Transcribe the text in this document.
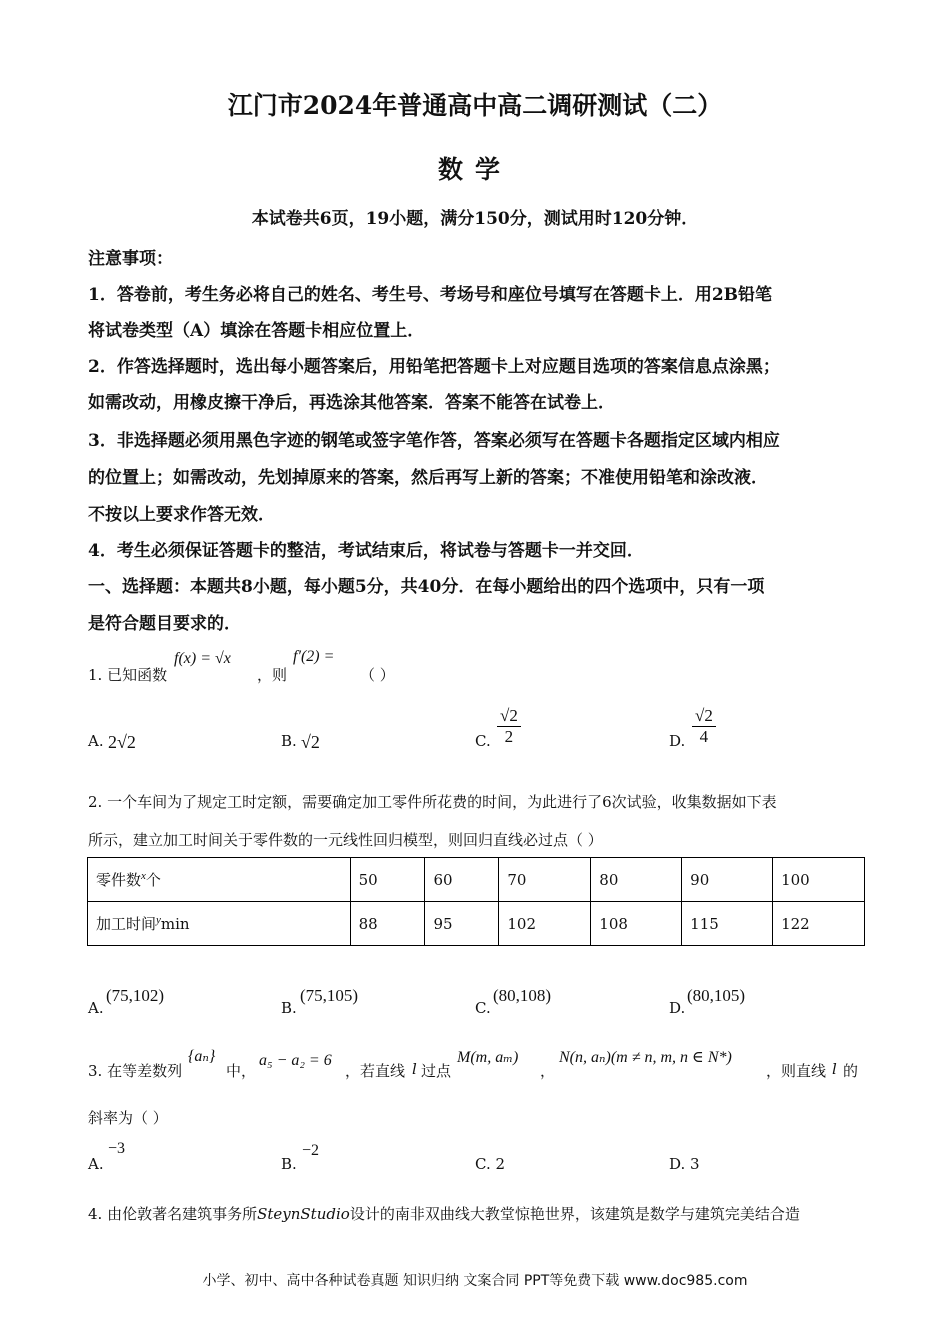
江门市2024年普通高中高二调研测试（二）
数学
本试卷共6页，19小题，满分150分，测试用时120分钟．
注意事项：
1．答卷前，考生务必将自己的姓名、考生号、考场号和座位号填写在答题卡上．用2B铅笔
将试卷类型（A）填涂在答题卡相应位置上．
2．作答选择题时，选出每小题答案后，用铅笔把答题卡上对应题目选项的答案信息点涂黑；
如需改动，用橡皮擦干净后，再选涂其他答案．答案不能答在试卷上．
3．非选择题必须用黑色字迹的钢笔或签字笔作答，答案必须写在答题卡各题指定区域内相应
的位置上；如需改动，先划掉原来的答案，然后再写上新的答案；不准使用铅笔和涂改液．
不按以上要求作答无效．
4．考生必须保证答题卡的整洁，考试结束后，将试卷与答题卡一并交回．
一、选择题：本题共8小题，每小题5分，共40分．在每小题给出的四个选项中，只有一项
是符合题目要求的．
1. 已知函数
f(x) = √x
，则
f′(2) =
（ ）
A. 2√2	B. √2	C. $\frac{√2}{2}$	D. $\frac{√2}{4}$
2. 一个车间为了规定工时定额，需要确定加工零件所花费的时间，为此进行了6次试验，收集数据如下表
所示，建立加工时间关于零件数的一元线性回归模型，则回归直线必过点（ ）
零件数$^x$个	50	60	70	80	90	100
加工时间$^y$min	88	95	102	108	115	122
A.
(75,102)
B.
(75,105)
C.
(80,108)
D.
(80,105)
3. 在等差数列
{aₙ}
中，
a₅ − a₂ = 6
，若直线 l 过点
M(m, aₘ)
，
N(n, aₙ)(m ≠ n, m, n ∈ N*)
，则直线 l 的
斜率为（ ）
A.
−3
B.
−2
C. 2	D. 3
4. 由伦敦著名建筑事务所SteynStudio设计的南非双曲线大教堂惊艳世界，该建筑是数学与建筑完美结合造
小学、初中、高中各种试卷真题 知识归纳 文案合同 PPT等免费下载 www.doc985.com
